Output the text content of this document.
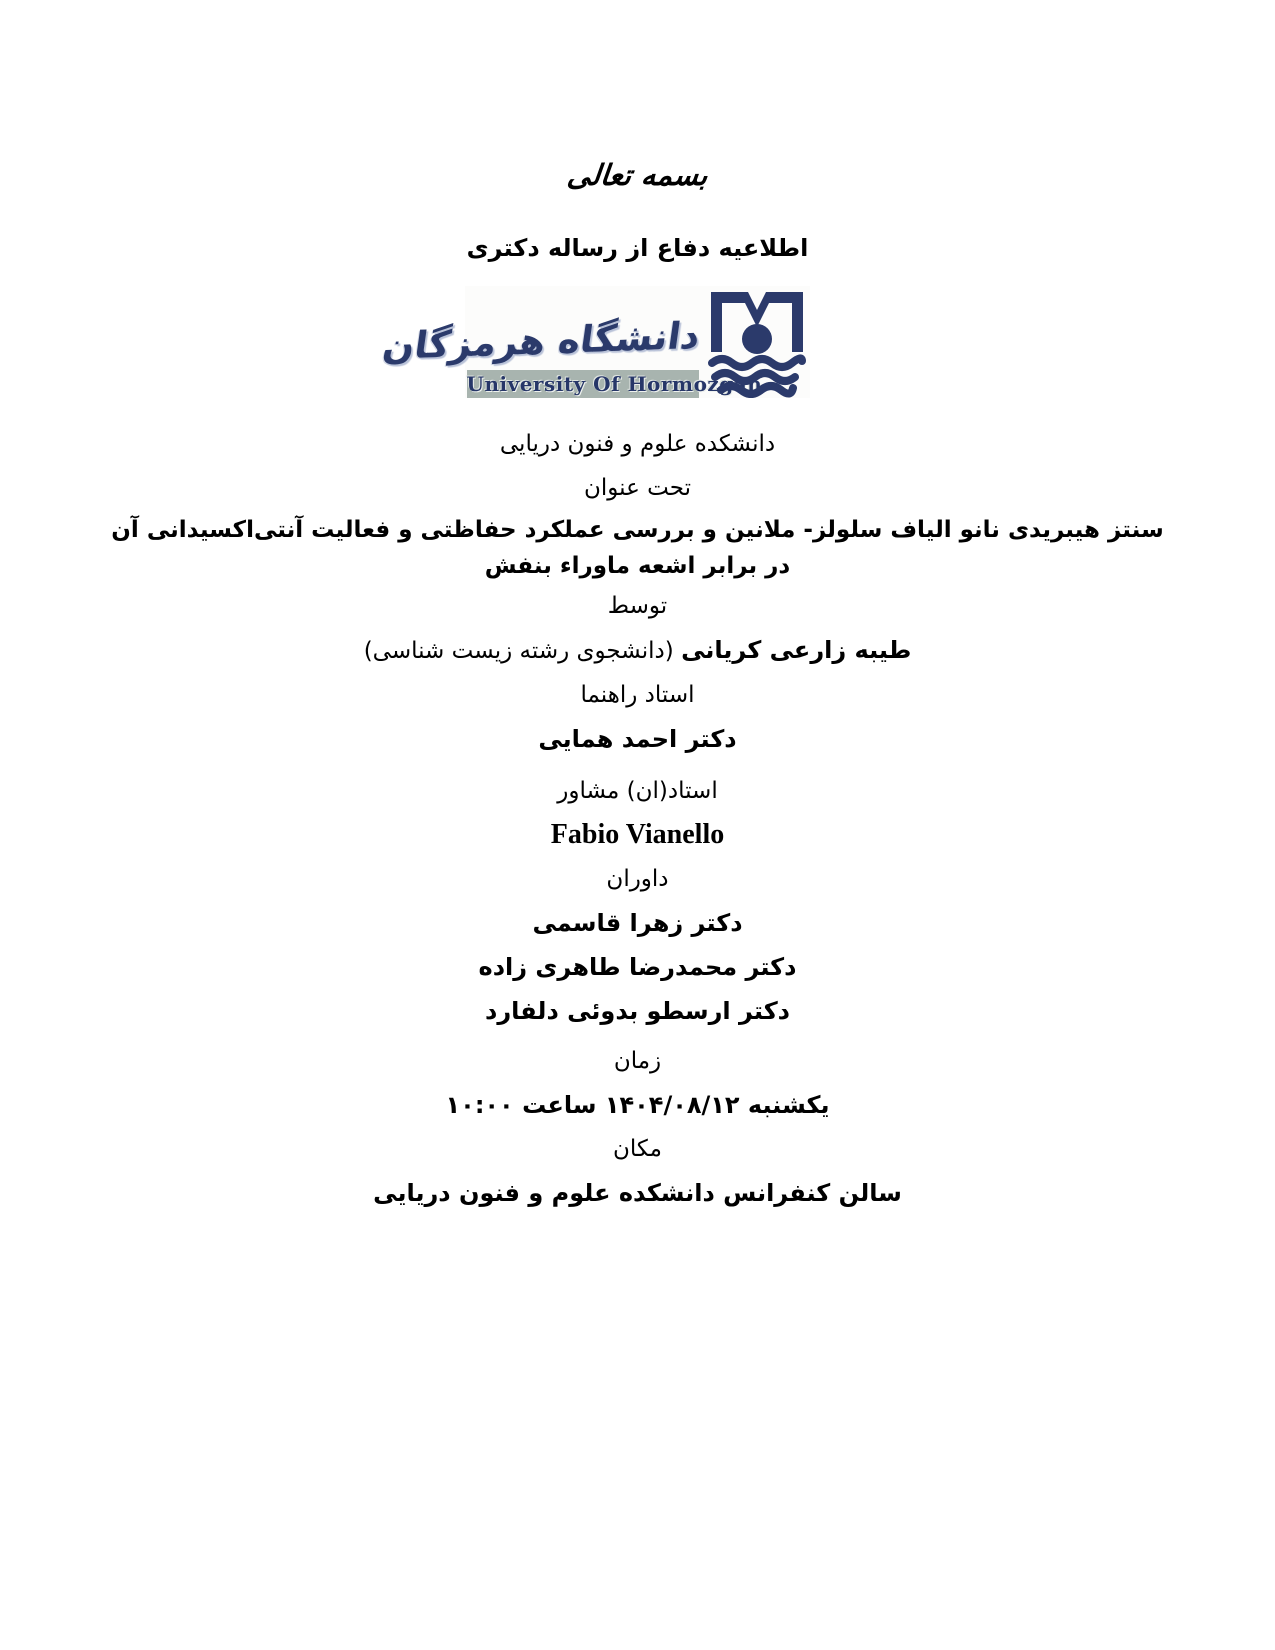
بسمه تعالی
اطلاعیه دفاع از رساله دکتری
دانشگاه هرمزگان
University Of Hormozgan
دانشکده علوم و فنون دریایی
تحت عنوان
سنتز هیبریدی نانو الیاف سلولز- ملانین و بررسی عملکرد حفاظتی و فعالیت آنتی‌اکسیدانی آن در برابر اشعه ماوراء بنفش
توسط
طیبه زارعی کریانی (دانشجوی رشته زیست شناسی)
استاد راهنما
دکتر احمد همایی
استاد(ان) مشاور
Fabio Vianello
داوران
دکتر زهرا قاسمی
دکتر محمدرضا طاهری زاده
دکتر ارسطو بدوئی دلفارد
زمان
یکشنبه ۱۴۰۴/۰۸/۱۲ ساعت ۱۰:۰۰
مکان
سالن کنفرانس دانشکده علوم و فنون دریایی
